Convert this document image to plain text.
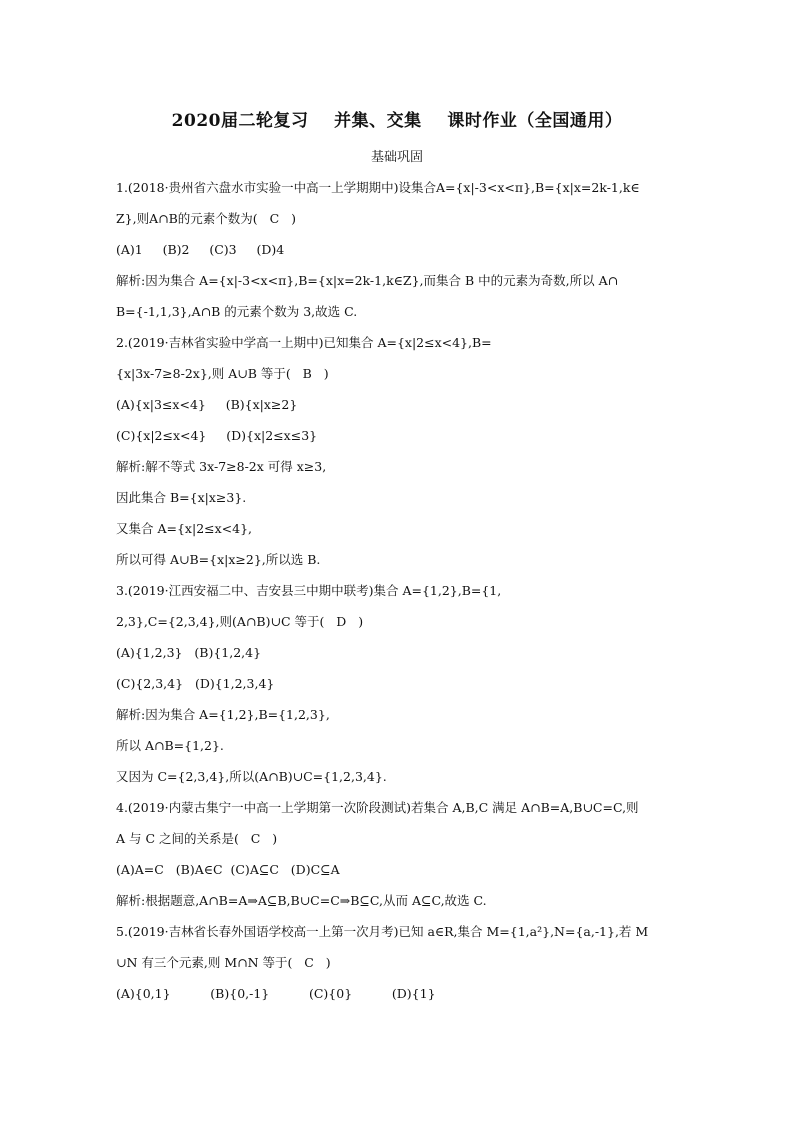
2020届二轮复习    并集、交集    课时作业（全国通用）
基础巩固
1.(2018·贵州省六盘水市实验一中高一上学期期中)设集合A={x|-3<x<π},B={x|x=2k-1,k∈
Z},则A∩B的元素个数为(   C   )
(A)1     (B)2     (C)3     (D)4
解析:因为集合 A={x|-3<x<π},B={x|x=2k-1,k∈Z},而集合 B 中的元素为奇数,所以 A∩
B={-1,1,3},A∩B 的元素个数为 3,故选 C.
2.(2019·吉林省实验中学高一上期中)已知集合 A={x|2≤x<4},B=
{x|3x-7≥8-2x},则 A∪B 等于(   B   )
(A){x|3≤x<4}     (B){x|x≥2}
(C){x|2≤x<4}     (D){x|2≤x≤3}
解析:解不等式 3x-7≥8-2x 可得 x≥3,
因此集合 B={x|x≥3}.
又集合 A={x|2≤x<4},
所以可得 A∪B={x|x≥2},所以选 B.
3.(2019·江西安福二中、吉安县三中期中联考)集合 A={1,2},B={1,
2,3},C={2,3,4},则(A∩B)∪C 等于(   D   )
(A){1,2,3}   (B){1,2,4}
(C){2,3,4}   (D){1,2,3,4}
解析:因为集合 A={1,2},B={1,2,3},
所以 A∩B={1,2}.
又因为 C={2,3,4},所以(A∩B)∪C={1,2,3,4}.
4.(2019·内蒙古集宁一中高一上学期第一次阶段测试)若集合 A,B,C 满足 A∩B=A,B∪C=C,则
A 与 C 之间的关系是(   C   )
(A)A=C   (B)A∈C  (C)A⊆C   (D)C⊆A
解析:根据题意,A∩B=A⇒A⊆B,B∪C=C⇒B⊆C,从而 A⊆C,故选 C.
5.(2019·吉林省长春外国语学校高一上第一次月考)已知 a∈R,集合 M={1,a²},N={a,-1},若 M
∪N 有三个元素,则 M∩N 等于(   C   )
(A){0,1}          (B){0,-1}          (C){0}          (D){1}
